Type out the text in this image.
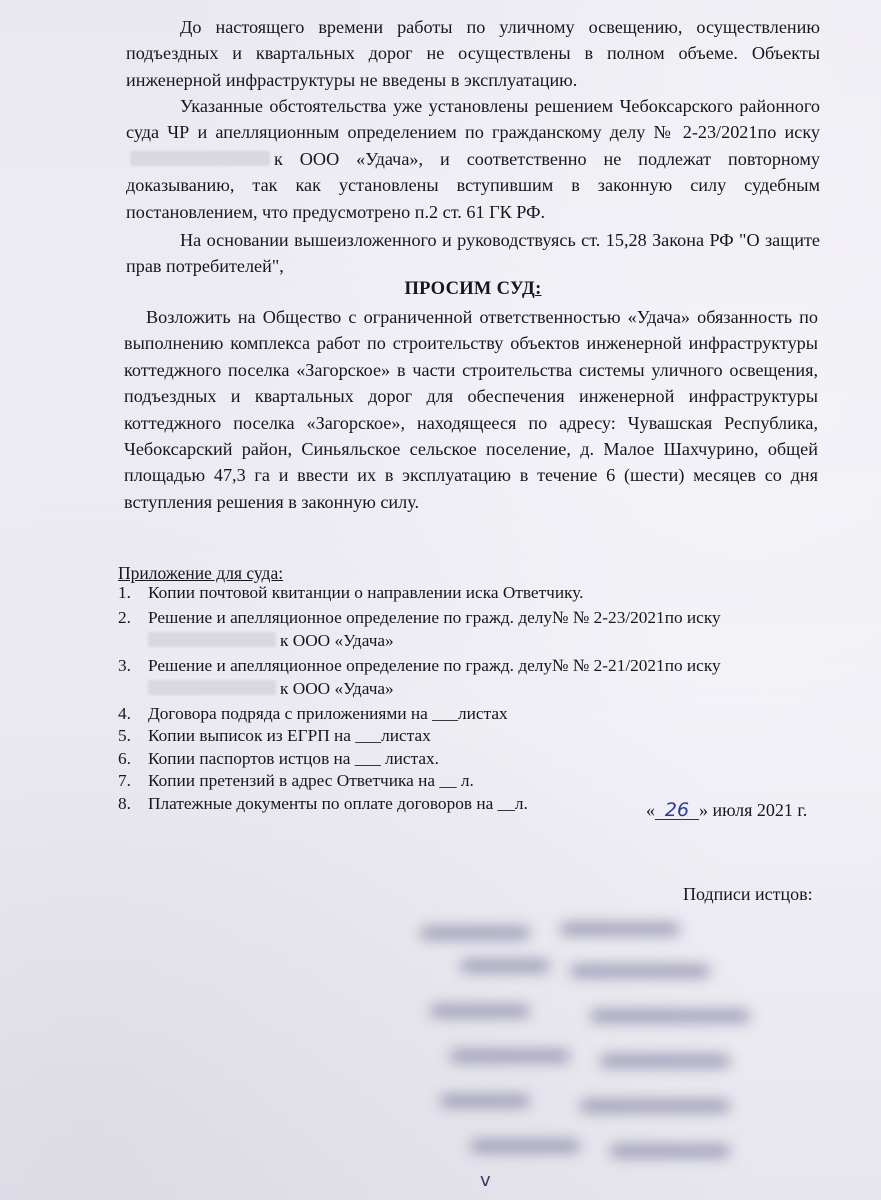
До настоящего времени работы по уличному освещению, осуществлению подъездных и квартальных дорог не осуществлены в полном объеме. Объекты инженерной инфраструктуры не введены в эксплуатацию.

Указанные обстоятельства уже установлены решением Чебоксарского районного суда ЧР и апелляционным определением по гражданскому делу № 2-23/2021по искук ООО «Удача», и соответственно не подлежат повторному доказыванию, так как установлены вступившим в законную силу судебным постановлением, что предусмотрено п.2 ст. 61 ГК РФ.

На основании вышеизложенного и руководствуясь ст. 15,28 Закона РФ "О защите прав потребителей",

ПРОСИМ СУД:

Возложить на Общество с ограниченной ответственностью «Удача» обязанность по выполнению комплекса работ по строительству объектов инженерной инфраструктуры коттеджного поселка «Загорское» в части строительства системы уличного освещения, подъездных и квартальных дорог для обеспечения инженерной инфраструктуры коттеджного поселка «Загорское», находящееся по адресу: Чувашская Республика, Чебоксарский район, Синьяльское сельское поселение, д. Малое Шахчурино, общей площадью 47,3 га и ввести их в эксплуатацию в течение 6 (шести) месяцев со дня вступления решения в законную силу.

Приложение для суда:
1. Копии почтовой квитанции о направлении иска Ответчику.
2. Решение и апелляционное определение по гражд. делу№ № 2-23/2021по иску
к ООО «Удача»
3. Решение и апелляционное определение по гражд. делу№ № 2-21/2021по иску
к ООО «Удача»
4. Договора подряда с приложениями на ___листах
5. Копии выписок из ЕГРП на ___листах
6. Копии паспортов истцов на ___ листах.
7. Копии претензий в адрес Ответчика на __ л.
8. Платежные документы по оплате договоров на __л.	« 26 » июля 2021 г.
Подписи истцов:
v
